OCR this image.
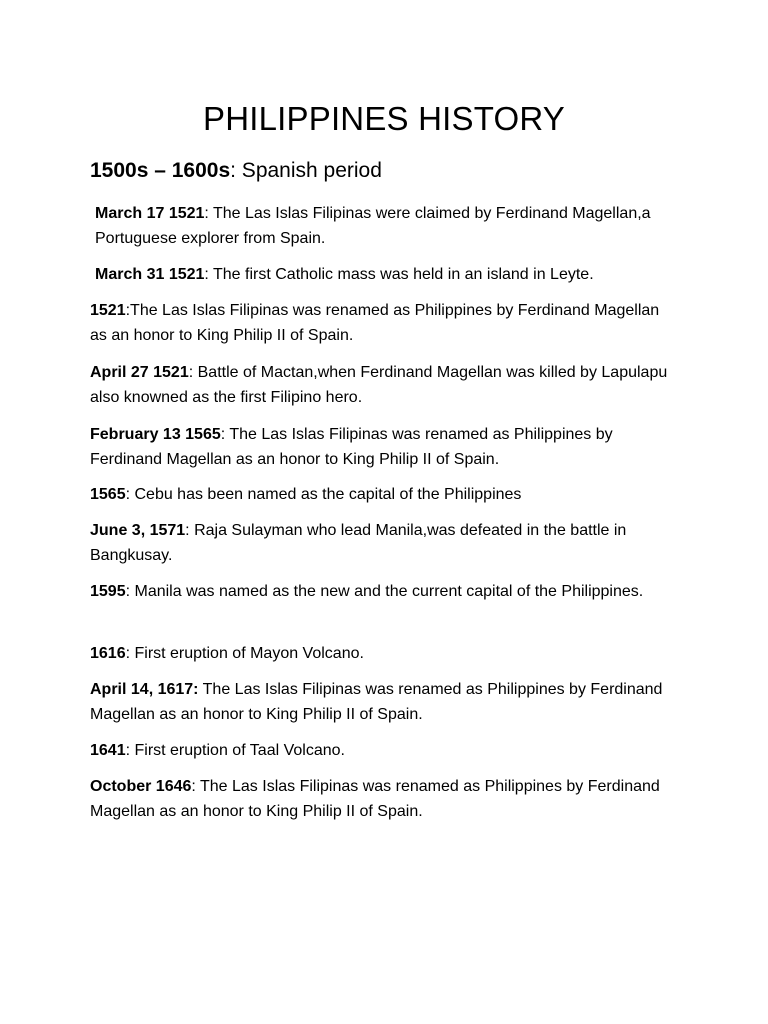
PHILIPPINES HISTORY
1500s – 1600s: Spanish period
March 17 1521: The Las Islas Filipinas were claimed by Ferdinand Magellan,a Portuguese explorer from Spain.
March 31 1521: The first Catholic mass was held in an island in Leyte.
1521:The Las Islas Filipinas was renamed as Philippines by Ferdinand Magellan as an honor to King Philip II of Spain.
April 27 1521: Battle of Mactan,when Ferdinand Magellan was killed by Lapulapu also knowned as the first Filipino hero.
February 13 1565: The Las Islas Filipinas was renamed as Philippines by Ferdinand Magellan as an honor to King Philip II of Spain.
1565: Cebu has been named as the capital of the Philippines
June 3, 1571: Raja Sulayman who lead Manila,was defeated in the battle in Bangkusay.
1595: Manila was named as the new and the current capital of the Philippines.
1616: First eruption of Mayon Volcano.
April 14, 1617: The Las Islas Filipinas was renamed as Philippines by Ferdinand Magellan as an honor to King Philip II of Spain.
1641: First eruption of Taal Volcano.
October 1646: The Las Islas Filipinas was renamed as Philippines by Ferdinand Magellan as an honor to King Philip II of Spain.
